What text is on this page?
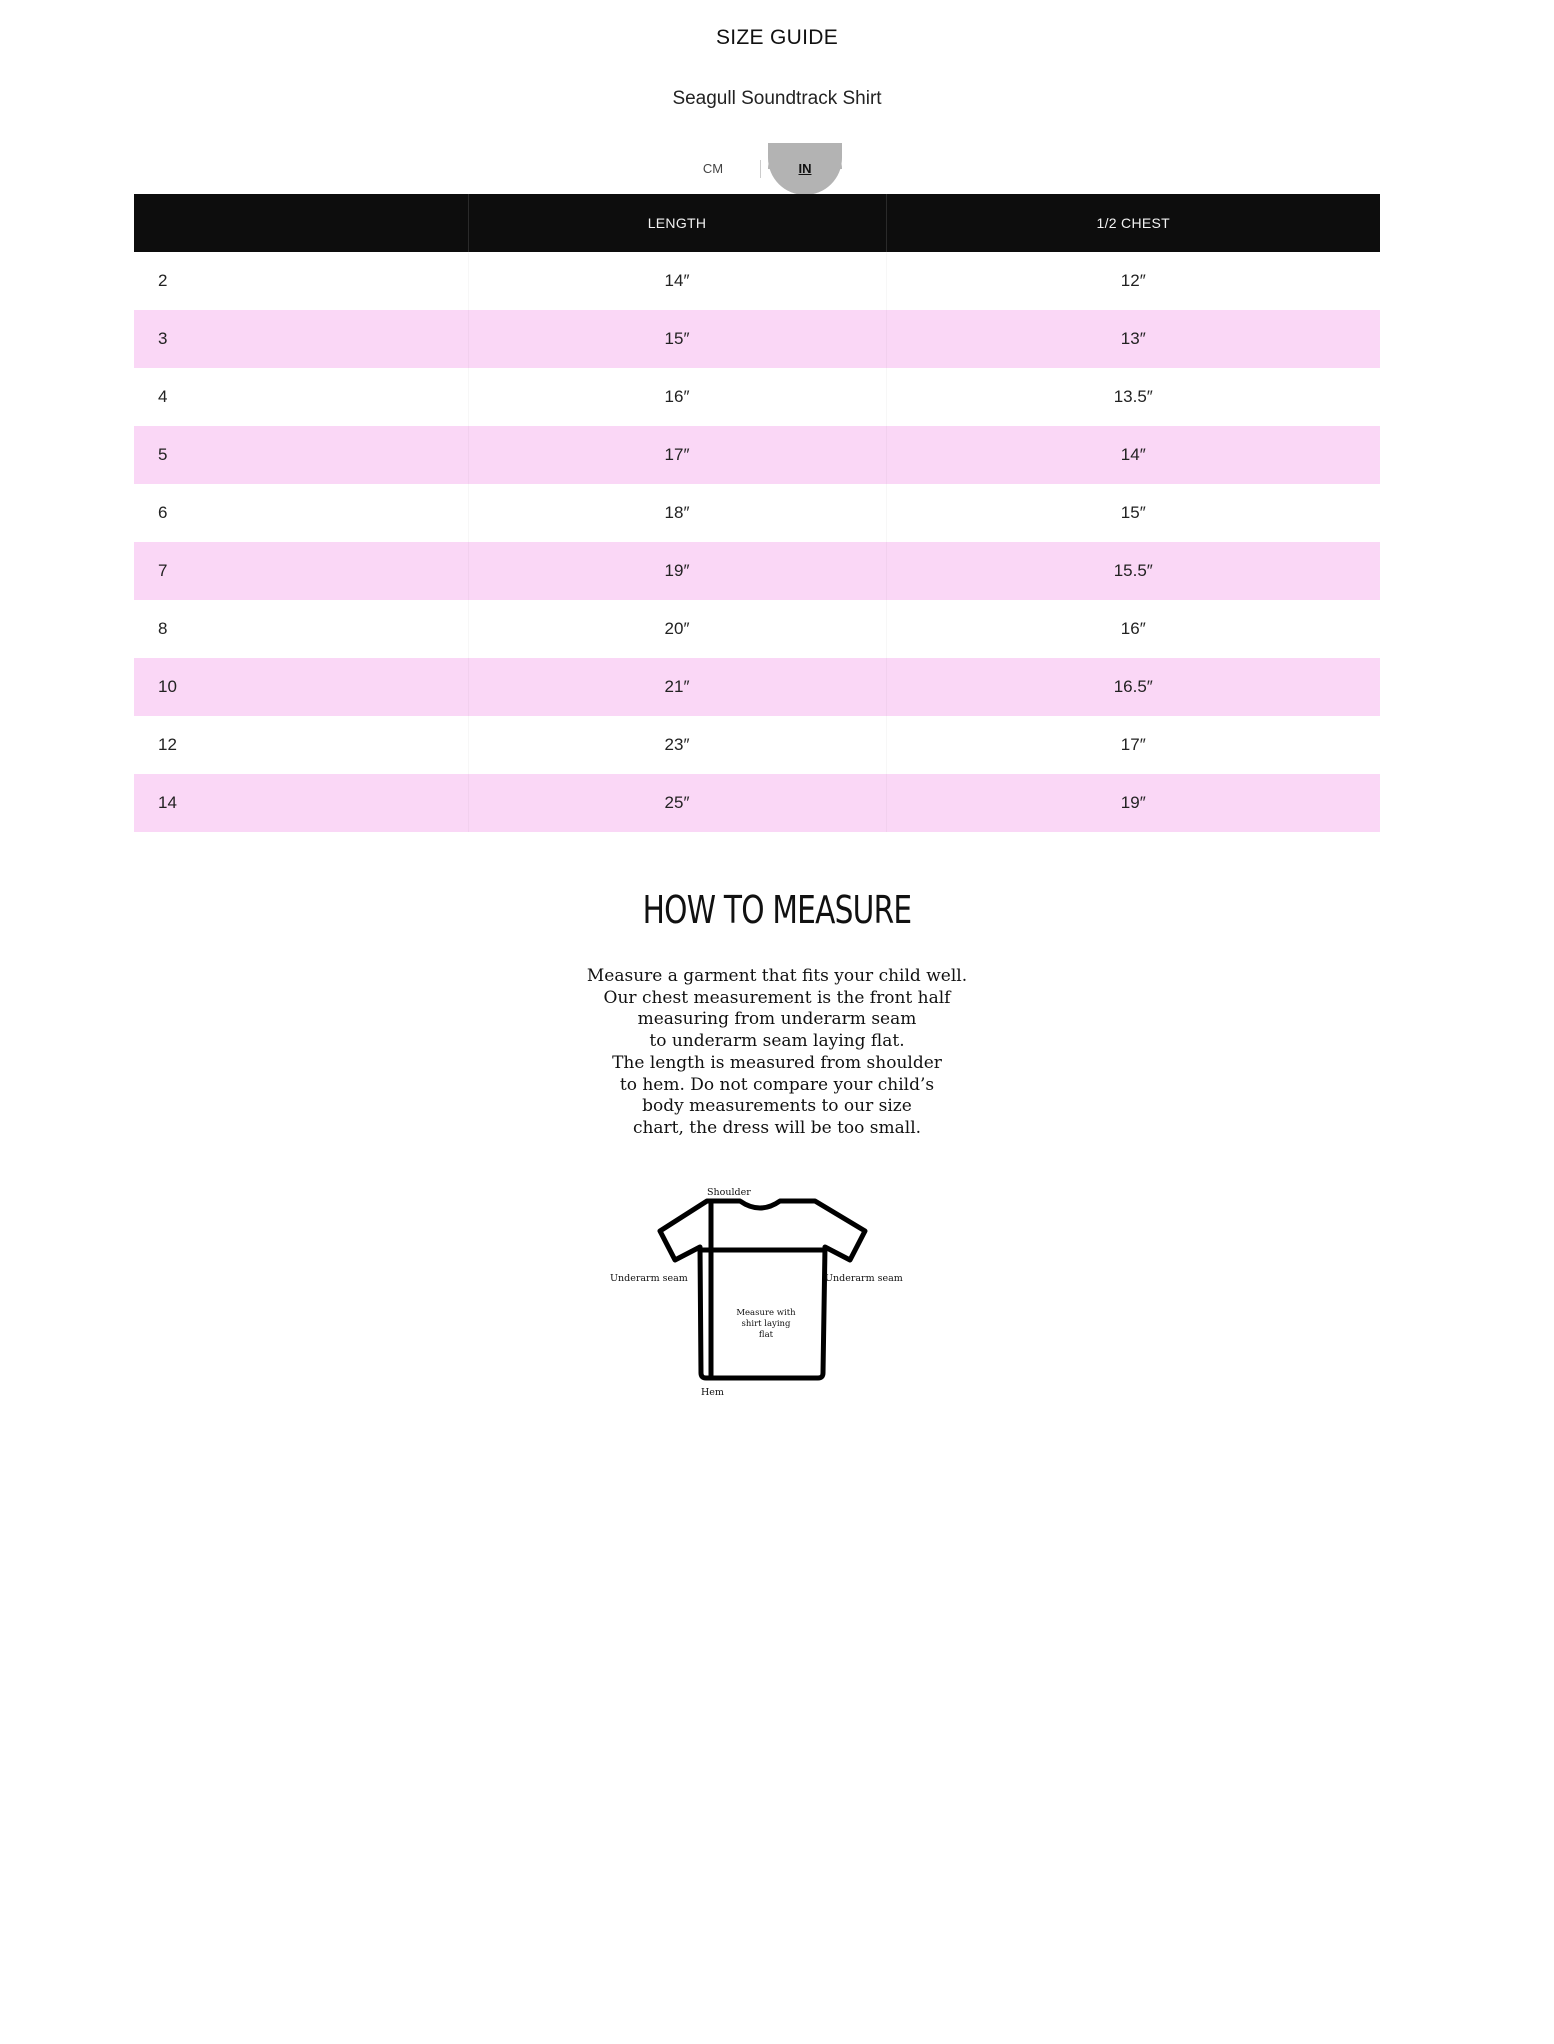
SIZE GUIDE
Seagull Soundtrack Shirt
CM	IN
	LENGTH	1/2 CHEST
2	14″	12″
3	15″	13″
4	16″	13.5″
5	17″	14″
6	18″	15″
7	19″	15.5″
8	20″	16″
10	21″	16.5″
12	23″	17″
14	25″	19″
HOW TO MEASURE
Measure a garment that fits your child well.
Our chest measurement is the front half
measuring from underarm seam
to underarm seam laying flat.
The length is measured from shoulder
to hem. Do not compare your child’s
body measurements to our size
chart, the dress will be too small.
Shoulder
Underarm seam	Underarm seam
Measure with
shirt laying
flat
Hem
